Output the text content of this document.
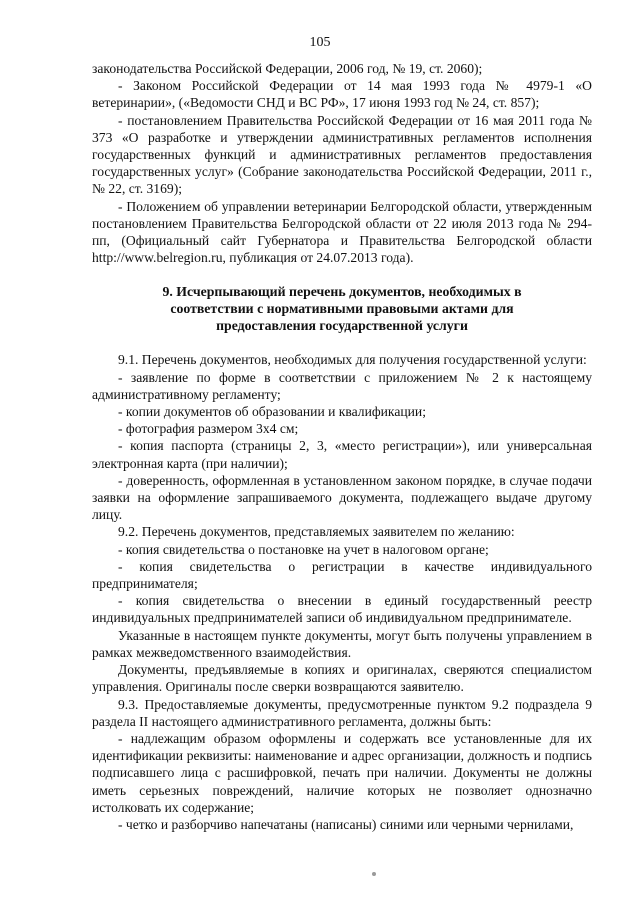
105

законодательства Российской Федерации, 2006 год, № 19, ст. 2060);

- Законом Российской Федерации от 14 мая 1993 года № 4979-1 «О ветеринарии», («Ведомости СНД и ВС РФ», 17 июня 1993 год № 24, ст. 857);

- постановлением Правительства Российской Федерации от 16 мая 2011 года № 373 «О разработке и утверждении административных регламентов исполнения государственных функций и административных регламентов предоставления государственных услуг» (Собрание законодательства Российской Федерации, 2011 г., № 22, ст. 3169);

- Положением об управлении ветеринарии Белгородской области, утвержденным постановлением Правительства Белгородской области от 22 июля 2013 года № 294-пп, (Официальный сайт Губернатора и Правительства Белгородской области http://www.belregion.ru, публикация от 24.07.2013 года).

9. Исчерпывающий перечень документов, необходимых в соответствии с нормативными правовыми актами для предоставления государственной услуги

9.1. Перечень документов, необходимых для получения государственной услуги:

- заявление по форме в соответствии с приложением № 2 к настоящему административному регламенту;

- копии документов об образовании и квалификации;

- фотография размером 3х4 см;

- копия паспорта (страницы 2, 3, «место регистрации»), или универсальная электронная карта (при наличии);

- доверенность, оформленная в установленном законом порядке, в случае подачи заявки на оформление запрашиваемого документа, подлежащего выдаче другому лицу.

9.2. Перечень документов, представляемых заявителем по желанию:

- копия свидетельства о постановке на учет в налоговом органе;

- копия свидетельства о регистрации в качестве индивидуального предпринимателя;

- копия свидетельства о внесении в единый государственный реестр индивидуальных предпринимателей записи об индивидуальном предпринимателе.

Указанные в настоящем пункте документы, могут быть получены управлением в рамках межведомственного взаимодействия.

Документы, предъявляемые в копиях и оригиналах, сверяются специалистом управления. Оригиналы после сверки возвращаются заявителю.

9.3. Предоставляемые документы, предусмотренные пунктом 9.2 подраздела 9 раздела II настоящего административного регламента, должны быть:

- надлежащим образом оформлены и содержать все установленные для их идентификации реквизиты: наименование и адрес организации, должность и подпись подписавшего лица с расшифровкой, печать при наличии. Документы не должны иметь серьезных повреждений, наличие которых не позволяет однозначно истолковать их содержание;

- четко и разборчиво напечатаны (написаны) синими или черными чернилами,
